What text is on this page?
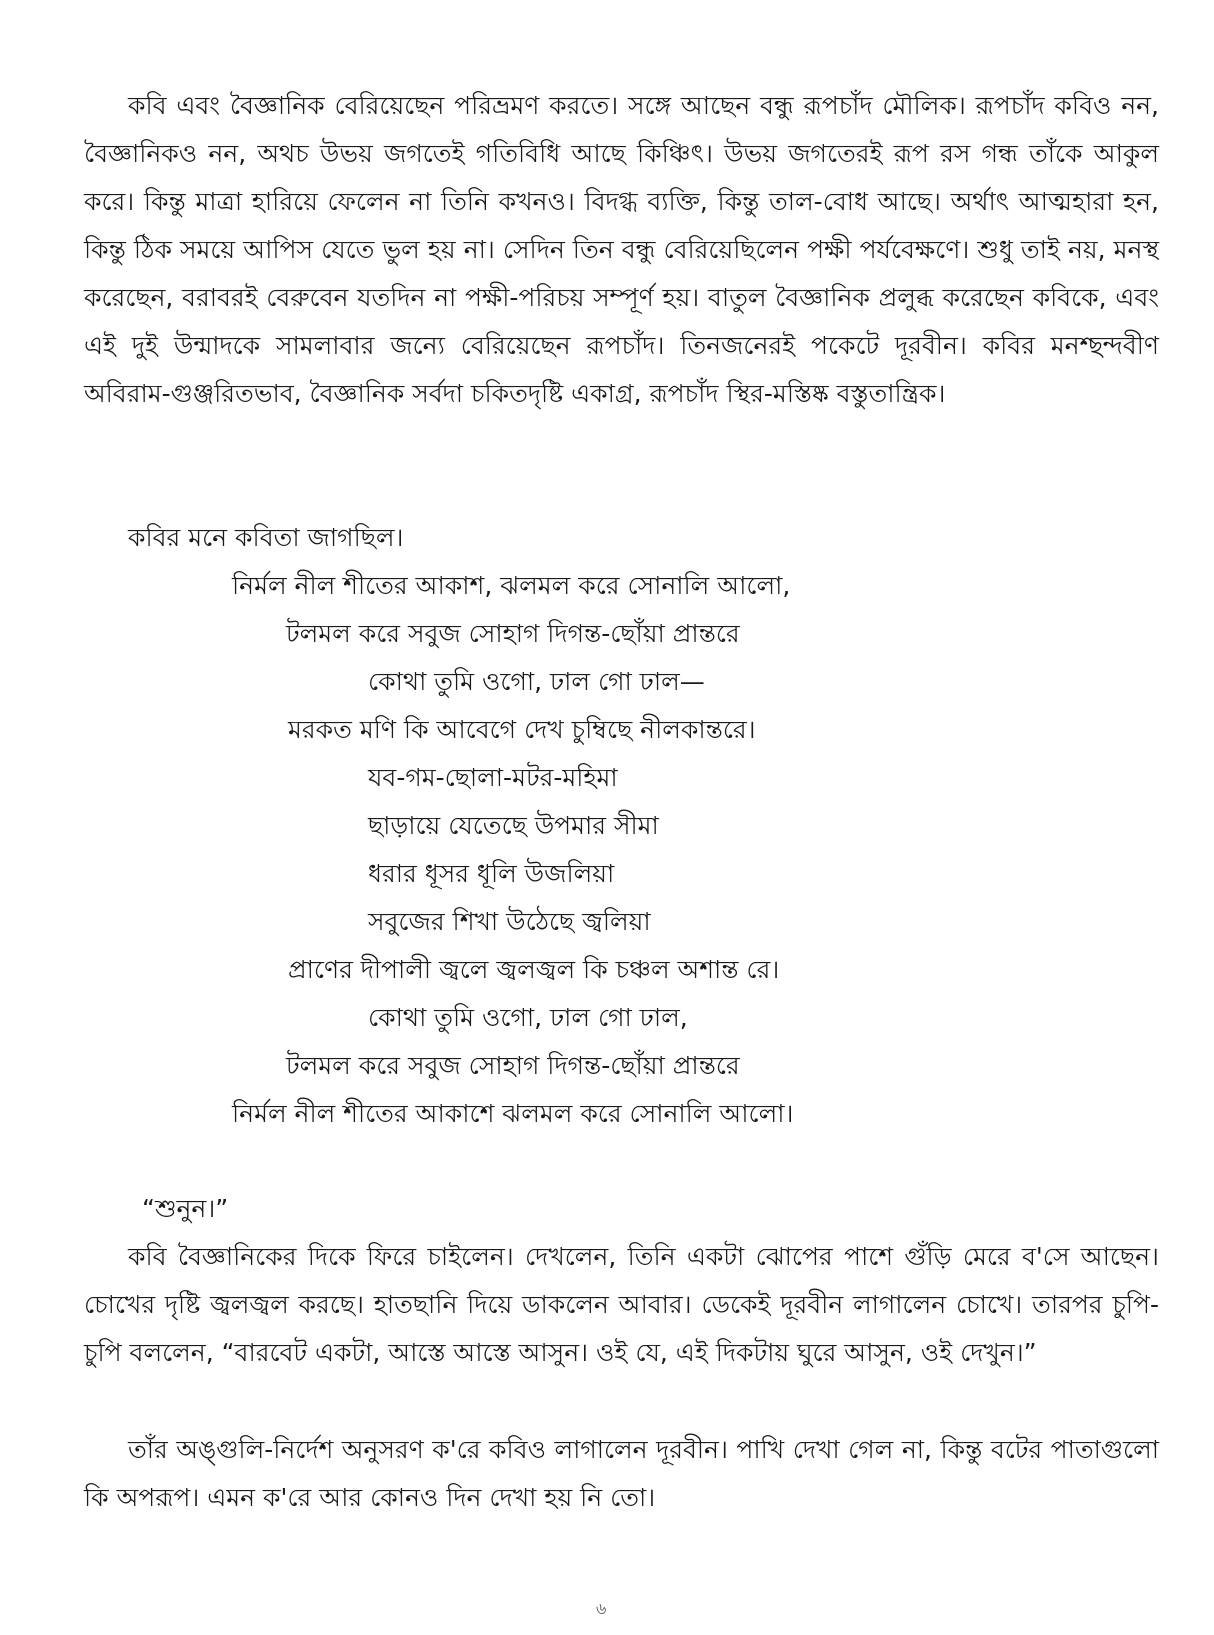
কবি এবং বৈজ্ঞানিক বেরিয়েছেন পরিভ্রমণ করতে। সঙ্গে আছেন বন্ধু রূপচাঁদ মৌলিক। রূপচাঁদ কবিও নন, বৈজ্ঞানিকও নন, অথচ উভয় জগতেই গতিবিধি আছে কিঞ্চিৎ। উভয় জগতেরই রূপ রস গন্ধ তাঁকে আকুল করে। কিন্তু মাত্রা হারিয়ে ফেলেন না তিনি কখনও। বিদগ্ধ ব্যক্তি, কিন্তু তাল-বোধ আছে। অর্থাৎ আত্মহারা হন, কিন্তু ঠিক সময়ে আপিস যেতে ভুল হয় না। সেদিন তিন বন্ধু বেরিয়েছিলেন পক্ষী পর্যবেক্ষণে। শুধু তাই নয়, মনস্থ করেছেন, বরাবরই বেরুবেন যতদিন না পক্ষী-পরিচয় সম্পূর্ণ হয়। বাতুল বৈজ্ঞানিক প্রলুব্ধ করেছেন কবিকে, এবং এই দুই উন্মাদকে সামলাবার জন্যে বেরিয়েছেন রূপচাঁদ। তিনজনেরই পকেটে দূরবীন। কবির মনশ্ছন্দবীণ অবিরাম-গুঞ্জরিতভাব, বৈজ্ঞানিক সর্বদা চকিতদৃষ্টি একাগ্র, রূপচাঁদ স্থির-মস্তিষ্ক বস্তুতান্ত্রিক।

কবির মনে কবিতা জাগছিল।

নির্মল নীল শীতের আকাশ, ঝলমল করে সোনালি আলো,
টলমল করে সবুজ সোহাগ দিগন্ত-ছোঁয়া প্রান্তরে
কোথা তুমি ওগো, ঢাল গো ঢাল—
মরকত মণি কি আবেগে দেখ চুম্বিছে নীলকান্তরে।
যব-গম-ছোলা-মটর-মহিমা
ছাড়ায়ে যেতেছে উপমার সীমা
ধরার ধূসর ধূলি উজলিয়া
সবুজের শিখা উঠেছে জ্বলিয়া
প্রাণের দীপালী জ্বলে জ্বলজ্বল কি চঞ্চল অশান্ত রে।
কোথা তুমি ওগো, ঢাল গো ঢাল,
টলমল করে সবুজ সোহাগ দিগন্ত-ছোঁয়া প্রান্তরে
নির্মল নীল শীতের আকাশে ঝলমল করে সোনালি আলো।

“শুনুন।”

কবি বৈজ্ঞানিকের দিকে ফিরে চাইলেন। দেখলেন, তিনি একটা ঝোপের পাশে গুঁড়ি মেরে ব'সে আছেন। চোখের দৃষ্টি জ্বলজ্বল করছে। হাতছানি দিয়ে ডাকলেন আবার। ডেকেই দূরবীন লাগালেন চোখে। তারপর চুপি-চুপি বললেন, “বারবেট একটা, আস্তে আস্তে আসুন। ওই যে, এই দিকটায় ঘুরে আসুন, ওই দেখুন।”

তাঁর অঙ্গুলি-নির্দেশ অনুসরণ ক'রে কবিও লাগালেন দূরবীন। পাখি দেখা গেল না, কিন্তু বটের পাতাগুলো কি অপরূপ। এমন ক'রে আর কোনও দিন দেখা হয় নি তো।

৬
